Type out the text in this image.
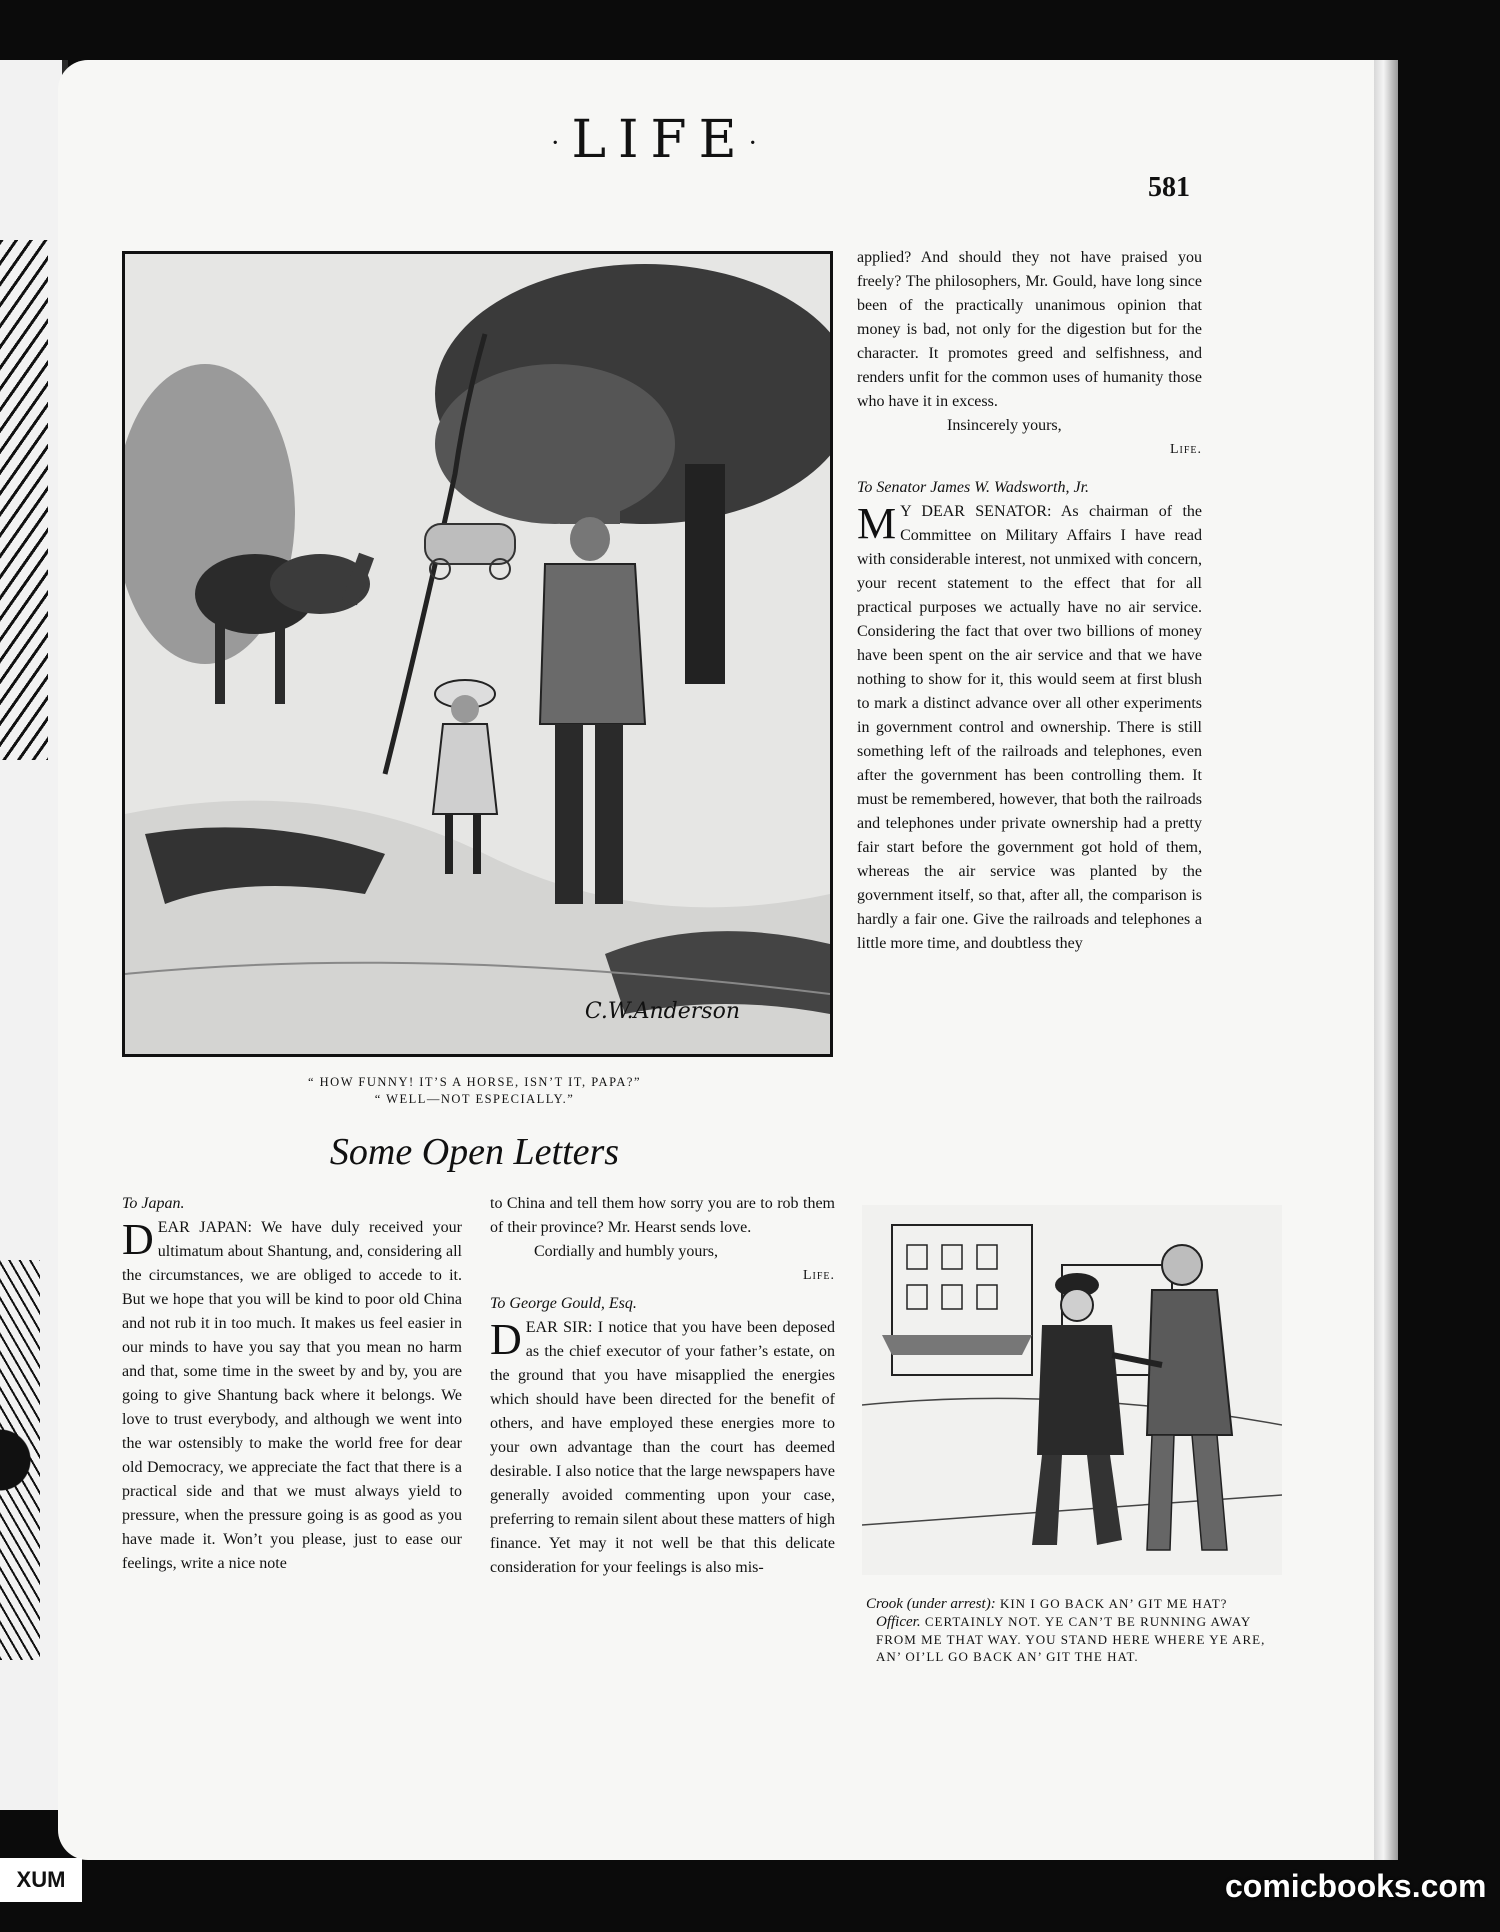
·LIFE·
581
C.W.Anderson
“ HOW FUNNY! IT’S A HORSE, ISN’T IT, PAPA?”
“ WELL—NOT ESPECIALLY.”
Some Open Letters

To Japan.

DEAR JAPAN: We have duly received your ultimatum about Shantung, and, considering all the circumstances, we are obliged to accede to it. But we hope that you will be kind to poor old China and not rub it in too much. It makes us feel easier in our minds to have you say that you mean no harm and that, some time in the sweet by and by, you are going to give Shantung back where it belongs. We love to trust everybody, and although we went into the war ostensibly to make the world free for dear old Democracy, we appreciate the fact that there is a practical side and that we must always yield to pressure, when the pressure going is as good as you have made it. Won’t you please, just to ease our feelings, write a nice note

to China and tell them how sorry you are to rob them of their province? Mr. Hearst sends love.

Cordially and humbly yours,

Life.

To George Gould, Esq.

DEAR SIR: I notice that you have been deposed as the chief executor of your father’s estate, on the ground that you have misapplied the energies which should have been directed for the benefit of others, and have employed these energies more to your own advantage than the court has deemed desirable. I also notice that the large newspapers have generally avoided commenting upon your case, preferring to remain silent about these matters of high finance. Yet may it not well be that this delicate consideration for your feelings is also mis-

applied? And should they not have praised you freely? The philosophers, Mr. Gould, have long since been of the practically unanimous opinion that money is bad, not only for the digestion but for the character. It promotes greed and selfishness, and renders unfit for the common uses of humanity those who have it in excess.

Insincerely yours,

Life.

To Senator James W. Wadsworth, Jr.

M Y DEAR SENATOR: As chairman of the Committee on Military Affairs I have read with considerable interest, not unmixed with concern, your recent statement to the effect that for all practical purposes we actually have no air service. Considering the fact that over two billions of money have been spent on the air service and that we have nothing to show for it, this would seem at first blush to mark a distinct advance over all other experiments in government control and ownership. There is still something left of the railroads and telephones, even after the government has been controlling them. It must be remembered, however, that both the railroads and telephones under private ownership had a pretty fair start before the government got hold of them, whereas the air service was planted by the government itself, so that, after all, the comparison is hardly a fair one. Give the railroads and telephones a little more time, and doubtless they

Crook (under arrest): KIN I GO BACK AN’ GIT ME HAT?

Officer. CERTAINLY NOT. YE CAN’T BE RUNNING AWAY FROM ME THAT WAY. YOU STAND HERE WHERE YE ARE, AN’ OI’LL GO BACK AN’ GIT THE HAT.

XUM	comicbooks.com
